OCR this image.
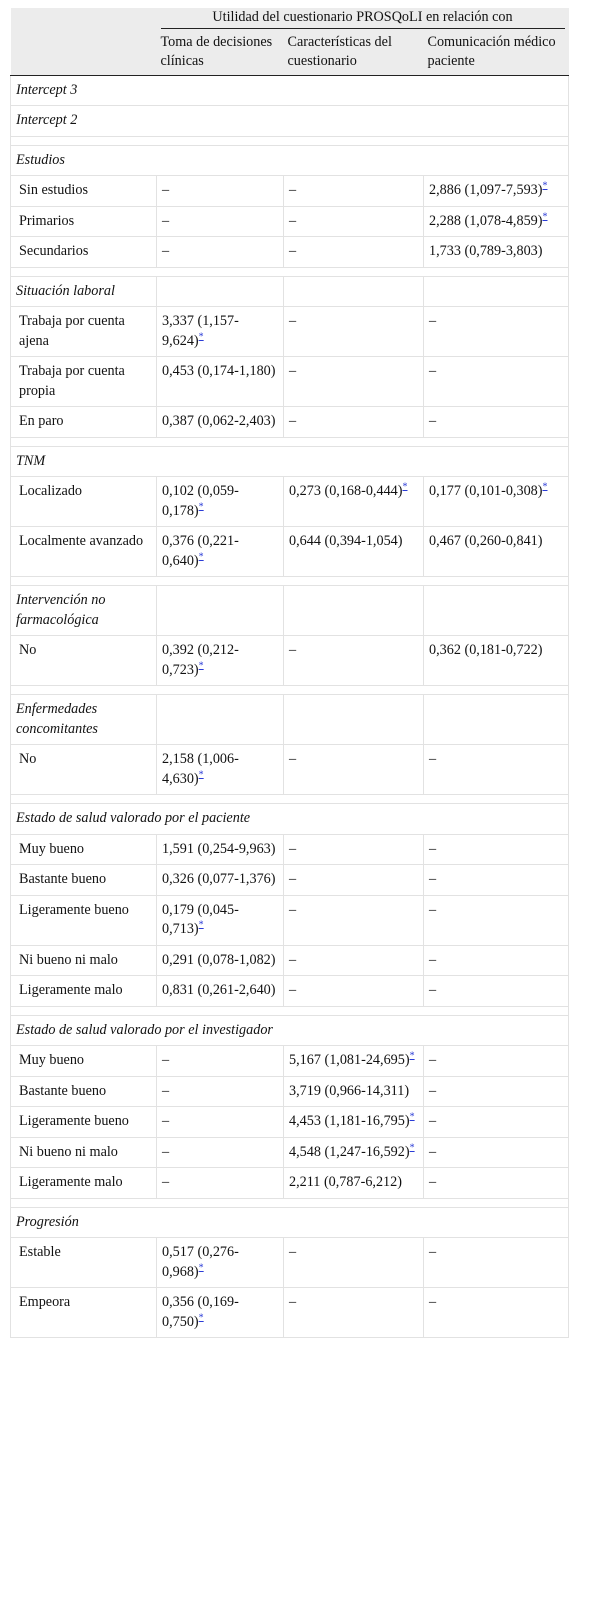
	Utilidad del cuestionario PROSQoLI en relación con		

	Toma de decisiones clínicas	Características del cuestionario	Comunicación médico paciente
Intercept 3			
Intercept 2			

Estudios			
Sin estudios	–	–	2,886 (1,097-7,593)*
Primarios	–	–	2,288 (1,078-4,859)*
Secundarios	–	–	1,733 (0,789-3,803)

Situación laboral			
Trabaja por cuenta ajena	3,337 (1,157-9,624)*	–	–
Trabaja por cuenta propia	0,453 (0,174-1,180)	–	–
En paro	0,387 (0,062-2,403)	–	–

TNM			
Localizado	0,102 (0,059-0,178)*	0,273 (0,168-0,444)*	0,177 (0,101-0,308)*
Localmente avanzado	0,376 (0,221-0,640)*	0,644 (0,394-1,054)	0,467 (0,260-0,841)

Intervención no farmacológica			
No	0,392 (0,212-0,723)*	–	0,362 (0,181-0,722)

Enfermedades concomitantes			
No	2,158 (1,006-4,630)*	–	–

Estado de salud valorado por el paciente			
Muy bueno	1,591 (0,254-9,963)	–	–
Bastante bueno	0,326 (0,077-1,376)	–	–
Ligeramente bueno	0,179 (0,045-0,713)*	–	–
Ni bueno ni malo	0,291 (0,078-1,082)	–	–
Ligeramente malo	0,831 (0,261-2,640)	–	–

Estado de salud valorado por el investigador			
Muy bueno	–	5,167 (1,081-24,695)*	–
Bastante bueno	–	3,719 (0,966-14,311)	–
Ligeramente bueno	–	4,453 (1,181-16,795)*	–
Ni bueno ni malo	–	4,548 (1,247-16,592)*	–
Ligeramente malo	–	2,211 (0,787-6,212)	–

Progresión			
Estable	0,517 (0,276-0,968)*	–	–
Empeora	0,356 (0,169-0,750)*	–	–
